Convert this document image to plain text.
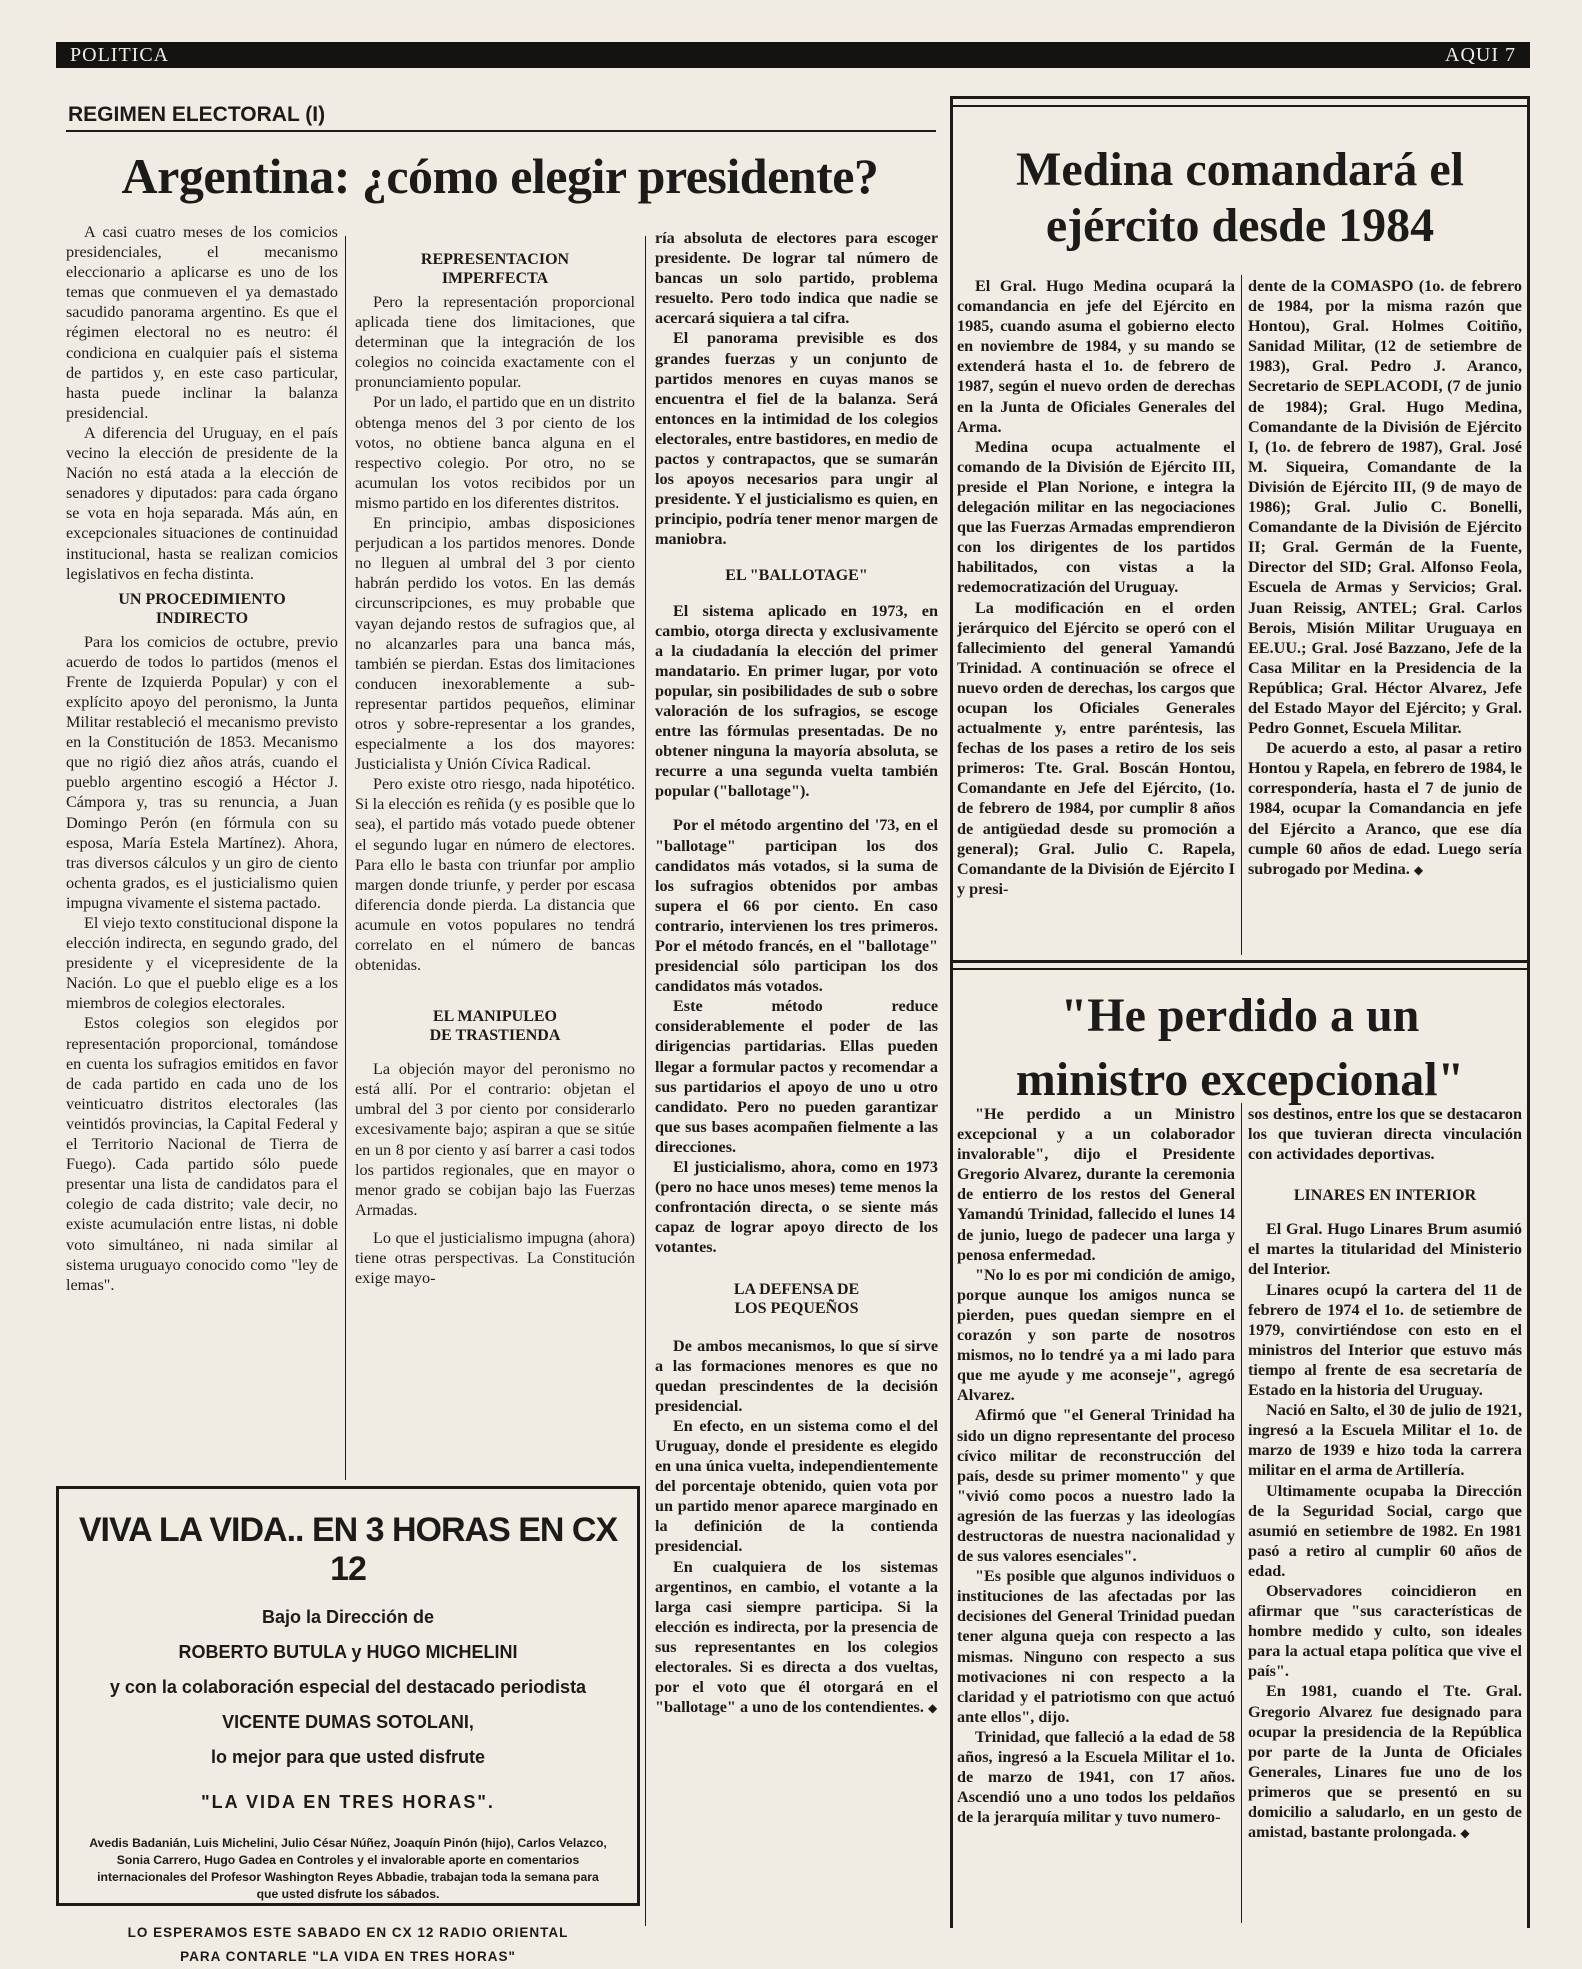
POLITICA	AQUI 7
REGIMEN ELECTORAL (I)
Argentina: ¿cómo elegir presidente?

A casi cuatro meses de los comicios presidenciales, el mecanismo eleccionario a aplicarse es uno de los temas que conmueven el ya demastado sacudido panorama argentino. Es que el régimen electoral no es neutro: él condiciona en cualquier país el sistema de partidos y, en este caso particular, hasta puede inclinar la balanza presidencial.

A diferencia del Uruguay, en el país vecino la elección de presidente de la Nación no está atada a la elección de senadores y diputados: para cada órgano se vota en hoja separada. Más aún, en excepcionales situaciones de continuidad institucional, hasta se realizan comicios legislativos en fecha distinta.

UN PROCEDIMIENTO
INDIRECTO

Para los comicios de octubre, previo acuerdo de todos lo partidos (menos el Frente de Izquierda Popular) y con el explícito apoyo del peronismo, la Junta Militar restableció el mecanismo previsto en la Constitución de 1853. Mecanismo que no rigió diez años atrás, cuando el pueblo argentino escogió a Héctor J. Cámpora y, tras su renuncia, a Juan Domingo Perón (en fórmula con su esposa, María Estela Martínez). Ahora, tras diversos cálculos y un giro de ciento ochenta grados, es el justicialismo quien impugna vivamente el sistema pactado.

El viejo texto constitucional dispone la elección indirecta, en segundo grado, del presidente y el vicepresidente de la Nación. Lo que el pueblo elige es a los miembros de colegios electorales.

Estos colegios son elegidos por representación proporcional, tomándose en cuenta los sufragios emitidos en favor de cada partido en cada uno de los veinticuatro distritos electorales (las veintidós provincias, la Capital Federal y el Territorio Nacional de Tierra de Fuego). Cada partido sólo puede presentar una lista de candidatos para el colegio de cada distrito; vale decir, no existe acumulación entre listas, ni doble voto simultáneo, ni nada similar al sistema uruguayo conocido como "ley de lemas".

REPRESENTACION
IMPERFECTA

Pero la representación proporcional aplicada tiene dos limitaciones, que determinan que la integración de los colegios no coincida exactamente con el pronunciamiento popular.

Por un lado, el partido que en un distrito obtenga menos del 3 por ciento de los votos, no obtiene banca alguna en el respectivo colegio. Por otro, no se acumulan los votos recibidos por un mismo partido en los diferentes distritos.

En principio, ambas disposiciones perjudican a los partidos menores. Donde no lleguen al umbral del 3 por ciento habrán perdido los votos. En las demás circunscripciones, es muy probable que vayan dejando restos de sufragios que, al no alcanzarles para una banca más, también se pierdan. Estas dos limitaciones conducen inexorablemente a sub-representar partidos pequeños, eliminar otros y sobre-representar a los grandes, especialmente a los dos mayores: Justicialista y Unión Cívica Radical.

Pero existe otro riesgo, nada hipotético. Si la elección es reñida (y es posible que lo sea), el partido más votado puede obtener el segundo lugar en número de electores. Para ello le basta con triunfar por amplio margen donde triunfe, y perder por escasa diferencia donde pierda. La distancia que acumule en votos populares no tendrá correlato en el número de bancas obtenidas.

EL MANIPULEO
DE TRASTIENDA

La objeción mayor del peronismo no está allí. Por el contrario: objetan el umbral del 3 por ciento por considerarlo excesivamente bajo; aspiran a que se sitúe en un 8 por ciento y así barrer a casi todos los partidos regionales, que en mayor o menor grado se cobijan bajo las Fuerzas Armadas.

Lo que el justicialismo impugna (ahora) tiene otras perspectivas. La Constitución exige mayo-

ría absoluta de electores para escoger presidente. De lograr tal número de bancas un solo partido, problema resuelto. Pero todo indica que nadie se acercará siquiera a tal cifra.

El panorama previsible es dos grandes fuerzas y un conjunto de partidos menores en cuyas manos se encuentra el fiel de la balanza. Será entonces en la intimidad de los colegios electorales, entre bastidores, en medio de pactos y contrapactos, que se sumarán los apoyos necesarios para ungir al presidente. Y el justicialismo es quien, en principio, podría tener menor margen de maniobra.

EL "BALLOTAGE"

El sistema aplicado en 1973, en cambio, otorga directa y exclusivamente a la ciudadanía la elección del primer mandatario. En primer lugar, por voto popular, sin posibilidades de sub o sobre valoración de los sufragios, se escoge entre las fórmulas presentadas. De no obtener ninguna la mayoría absoluta, se recurre a una segunda vuelta también popular ("ballotage").

Por el método argentino del '73, en el "ballotage" participan los dos candidatos más votados, si la suma de los sufragios obtenidos por ambas supera el 66 por ciento. En caso contrario, intervienen los tres primeros. Por el método francés, en el "ballotage" presidencial sólo participan los dos candidatos más votados.

Este método reduce considerablemente el poder de las dirigencias partidarias. Ellas pueden llegar a formular pactos y recomendar a sus partidarios el apoyo de uno u otro candidato. Pero no pueden garantizar que sus bases acompañen fielmente a las direcciones.

El justicialismo, ahora, como en 1973 (pero no hace unos meses) teme menos la confrontación directa, o se siente más capaz de lograr apoyo directo de los votantes.

LA DEFENSA DE
LOS PEQUEÑOS

De ambos mecanismos, lo que sí sirve a las formaciones menores es que no quedan prescindentes de la decisión presidencial.

En efecto, en un sistema como el del Uruguay, donde el presidente es elegido en una única vuelta, independientemente del porcentaje obtenido, quien vota por un partido menor aparece marginado en la definición de la contienda presidencial.

En cualquiera de los sistemas argentinos, en cambio, el votante a la larga casi siempre participa. Si la elección es indirecta, por la presencia de sus representantes en los colegios electorales. Si es directa a dos vueltas, por el voto que él otorgará en el "ballotage" a uno de los contendientes. ◆

VIVA LA VIDA.. EN 3 HORAS EN CX 12
Bajo la Dirección de
ROBERTO BUTULA y HUGO MICHELINI
y con la colaboración especial del destacado periodista
VICENTE DUMAS SOTOLANI,
lo mejor para que usted disfrute
"LA VIDA EN TRES HORAS".
Avedis Badanián, Luis Michelini, Julio César Núñez, Joaquín Pinón (hijo), Carlos Velazco, Sonia Carrero, Hugo Gadea en Controles y el invalorable aporte en comentarios internacionales del Profesor Washington Reyes Abbadie, trabajan toda la semana para que usted disfrute los sábados.
LO ESPERAMOS ESTE SABADO EN CX 12 RADIO ORIENTAL
PARA CONTARLE "LA VIDA EN TRES HORAS"
Medina comandará el ejército desde 1984

El Gral. Hugo Medina ocupará la comandancia en jefe del Ejército en 1985, cuando asuma el gobierno electo en noviembre de 1984, y su mando se extenderá hasta el 1o. de febrero de 1987, según el nuevo orden de derechas en la Junta de Oficiales Generales del Arma.

Medina ocupa actualmente el comando de la División de Ejército III, preside el Plan Norione, e integra la delegación militar en las negociaciones que las Fuerzas Armadas emprendieron con los dirigentes de los partidos habilitados, con vistas a la redemocratización del Uruguay.

La modificación en el orden jerárquico del Ejército se operó con el fallecimiento del general Yamandú Trinidad. A continuación se ofrece el nuevo orden de derechas, los cargos que ocupan los Oficiales Generales actualmente y, entre paréntesis, las fechas de los pases a retiro de los seis primeros: Tte. Gral. Boscán Hontou, Comandante en Jefe del Ejército, (1o. de febrero de 1984, por cumplir 8 años de antigüedad desde su promoción a general); Gral. Julio C. Rapela, Comandante de la División de Ejército I y presi-

dente de la COMASPO (1o. de febrero de 1984, por la misma razón que Hontou), Gral. Holmes Coitiño, Sanidad Militar, (12 de setiembre de 1983), Gral. Pedro J. Aranco, Secretario de SEPLACODI, (7 de junio de 1984); Gral. Hugo Medina, Comandante de la División de Ejército I, (1o. de febrero de 1987), Gral. José M. Siqueira, Comandante de la División de Ejército III, (9 de mayo de 1986); Gral. Julio C. Bonelli, Comandante de la División de Ejército II; Gral. Germán de la Fuente, Director del SID; Gral. Alfonso Feola, Escuela de Armas y Servicios; Gral. Juan Reissig, ANTEL; Gral. Carlos Berois, Misión Militar Uruguaya en EE.UU.; Gral. José Bazzano, Jefe de la Casa Militar en la Presidencia de la República; Gral. Héctor Alvarez, Jefe del Estado Mayor del Ejército; y Gral. Pedro Gonnet, Escuela Militar.

De acuerdo a esto, al pasar a retiro Hontou y Rapela, en febrero de 1984, le correspondería, hasta el 7 de junio de 1984, ocupar la Comandancia en jefe del Ejército a Aranco, que ese día cumple 60 años de edad. Luego sería subrogado por Medina. ◆

"He perdido a un ministro excepcional"

"He perdido a un Ministro excepcional y a un colaborador invalorable", dijo el Presidente Gregorio Alvarez, durante la ceremonia de entierro de los restos del General Yamandú Trinidad, fallecido el lunes 14 de junio, luego de padecer una larga y penosa enfermedad.

"No lo es por mi condición de amigo, porque aunque los amigos nunca se pierden, pues quedan siempre en el corazón y son parte de nosotros mismos, no lo tendré ya a mi lado para que me ayude y me aconseje", agregó Alvarez.

Afirmó que "el General Trinidad ha sido un digno representante del proceso cívico militar de reconstrucción del país, desde su primer momento" y que "vivió como pocos a nuestro lado la agresión de las fuerzas y las ideologías destructoras de nuestra nacionalidad y de sus valores esenciales".

"Es posible que algunos individuos o instituciones de las afectadas por las decisiones del General Trinidad puedan tener alguna queja con respecto a las mismas. Ninguno con respecto a sus motivaciones ni con respecto a la claridad y el patriotismo con que actuó ante ellos", dijo.

Trinidad, que falleció a la edad de 58 años, ingresó a la Escuela Militar el 1o. de marzo de 1941, con 17 años. Ascendió uno a uno todos los peldaños de la jerarquía militar y tuvo numero-

sos destinos, entre los que se destacaron los que tuvieran directa vinculación con actividades deportivas.

LINARES EN INTERIOR

El Gral. Hugo Linares Brum asumió el martes la titularidad del Ministerio del Interior.

Linares ocupó la cartera del 11 de febrero de 1974 el 1o. de setiembre de 1979, convirtiéndose con esto en el ministros del Interior que estuvo más tiempo al frente de esa secretaría de Estado en la historia del Uruguay.

Nació en Salto, el 30 de julio de 1921, ingresó a la Escuela Militar el 1o. de marzo de 1939 e hizo toda la carrera militar en el arma de Artillería.

Ultimamente ocupaba la Dirección de la Seguridad Social, cargo que asumió en setiembre de 1982. En 1981 pasó a retiro al cumplir 60 años de edad.

Observadores coincidieron en afirmar que "sus características de hombre medido y culto, son ideales para la actual etapa política que vive el país".

En 1981, cuando el Tte. Gral. Gregorio Alvarez fue designado para ocupar la presidencia de la República por parte de la Junta de Oficiales Generales, Linares fue uno de los primeros que se presentó en su domicilio a saludarlo, en un gesto de amistad, bastante prolongada. ◆
